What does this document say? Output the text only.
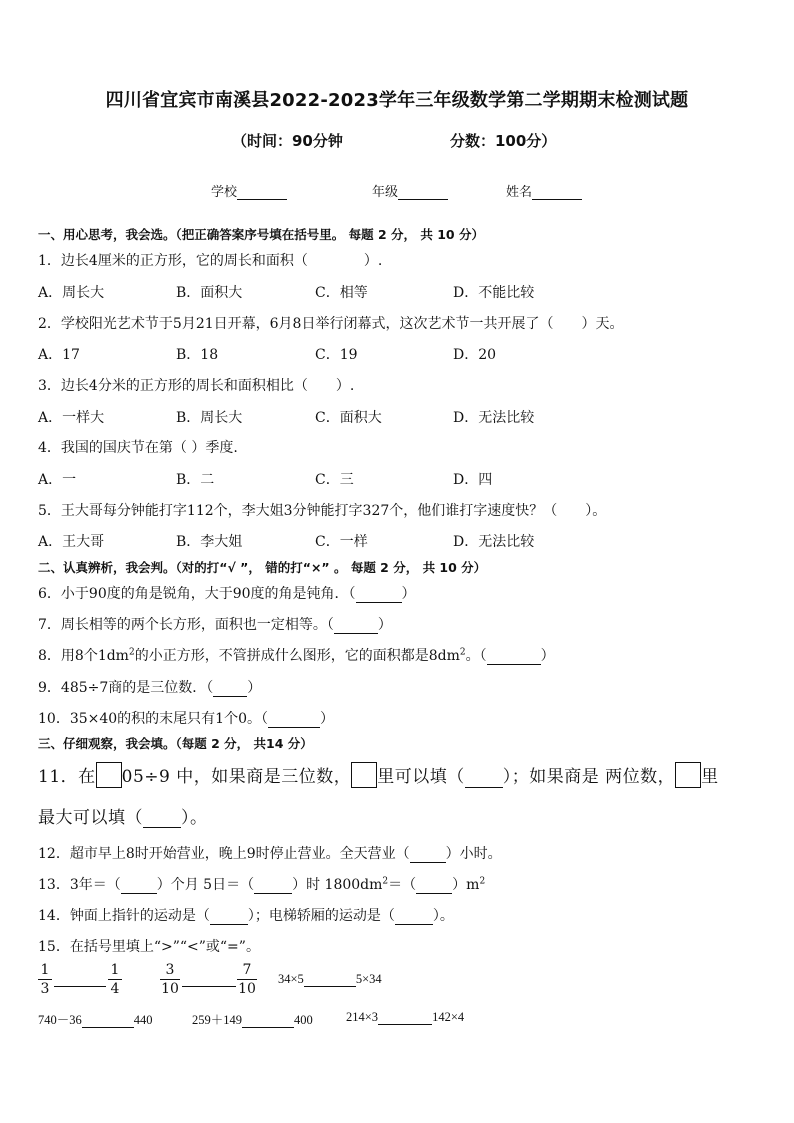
四川省宜宾市南溪县2022-2023学年三年级数学第二学期期末检测试题
（时间：90分钟	分数：100分）
学校	年级	姓名
一、用心思考，我会选。（把正确答案序号填在括号里。 每题 2 分， 共 10 分）
1．边长4厘米的正方形，它的周长和面积（　　　　）.
A．周长大	B．面积大	C．相等	D．不能比较
2．学校阳光艺术节于5月21日开幕，6月8日举行闭幕式，这次艺术节一共开展了（　　）天。
A．17	B．18	C．19	D．20
3．边长4分米的正方形的周长和面积相比（　　）.
A．一样大	B．周长大	C．面积大	D．无法比较
4．我国的国庆节在第（ ）季度.
A．一	B．二	C．三	D．四
5．王大哥每分钟能打字112个，李大姐3分钟能打字327个，他们谁打字速度快？（　　）。
A．王大哥	B．李大姐	C．一样	D．无法比较
二、认真辨析，我会判。（对的打“√ ”， 错的打“×” 。 每题 2 分， 共 10 分）
6．小于90度的角是锐角，大于90度的角是钝角．（	）
7．周长相等的两个长方形，面积也一定相等。（	）
8．用8个$1dm^2$的小正方形，不管拼成什么图形，它的面积都是$8dm^2$。（	）
9．485÷7商的是三位数．（ ）
10．35×40的积的末尾只有1个0。（	）
三、仔细观察，我会填。（每题 2 分， 共14 分）
11．在 05÷9 中，如果商是三位数， 里可以填（ ）；如果商是 两位数， 里
最大可以填（ ）。
12．超市早上8时开始营业，晚上9时停止营业。全天营业（	）小时。
13．3年＝（	）个月 5日＝（	）时 $1800dm^2=$（	）$m^2$
14．钟面上指针的运动是（	）；电梯轿厢的运动是（	）。
15．在括号里填上“>”“<”或“=”。
$\frac{1}{3}$	$\frac{1}{4}$	$\frac{3}{10}$	$\frac{7}{10} 34\times 5$	5×34
740－36	440	259＋149	400	214×3	142×4
